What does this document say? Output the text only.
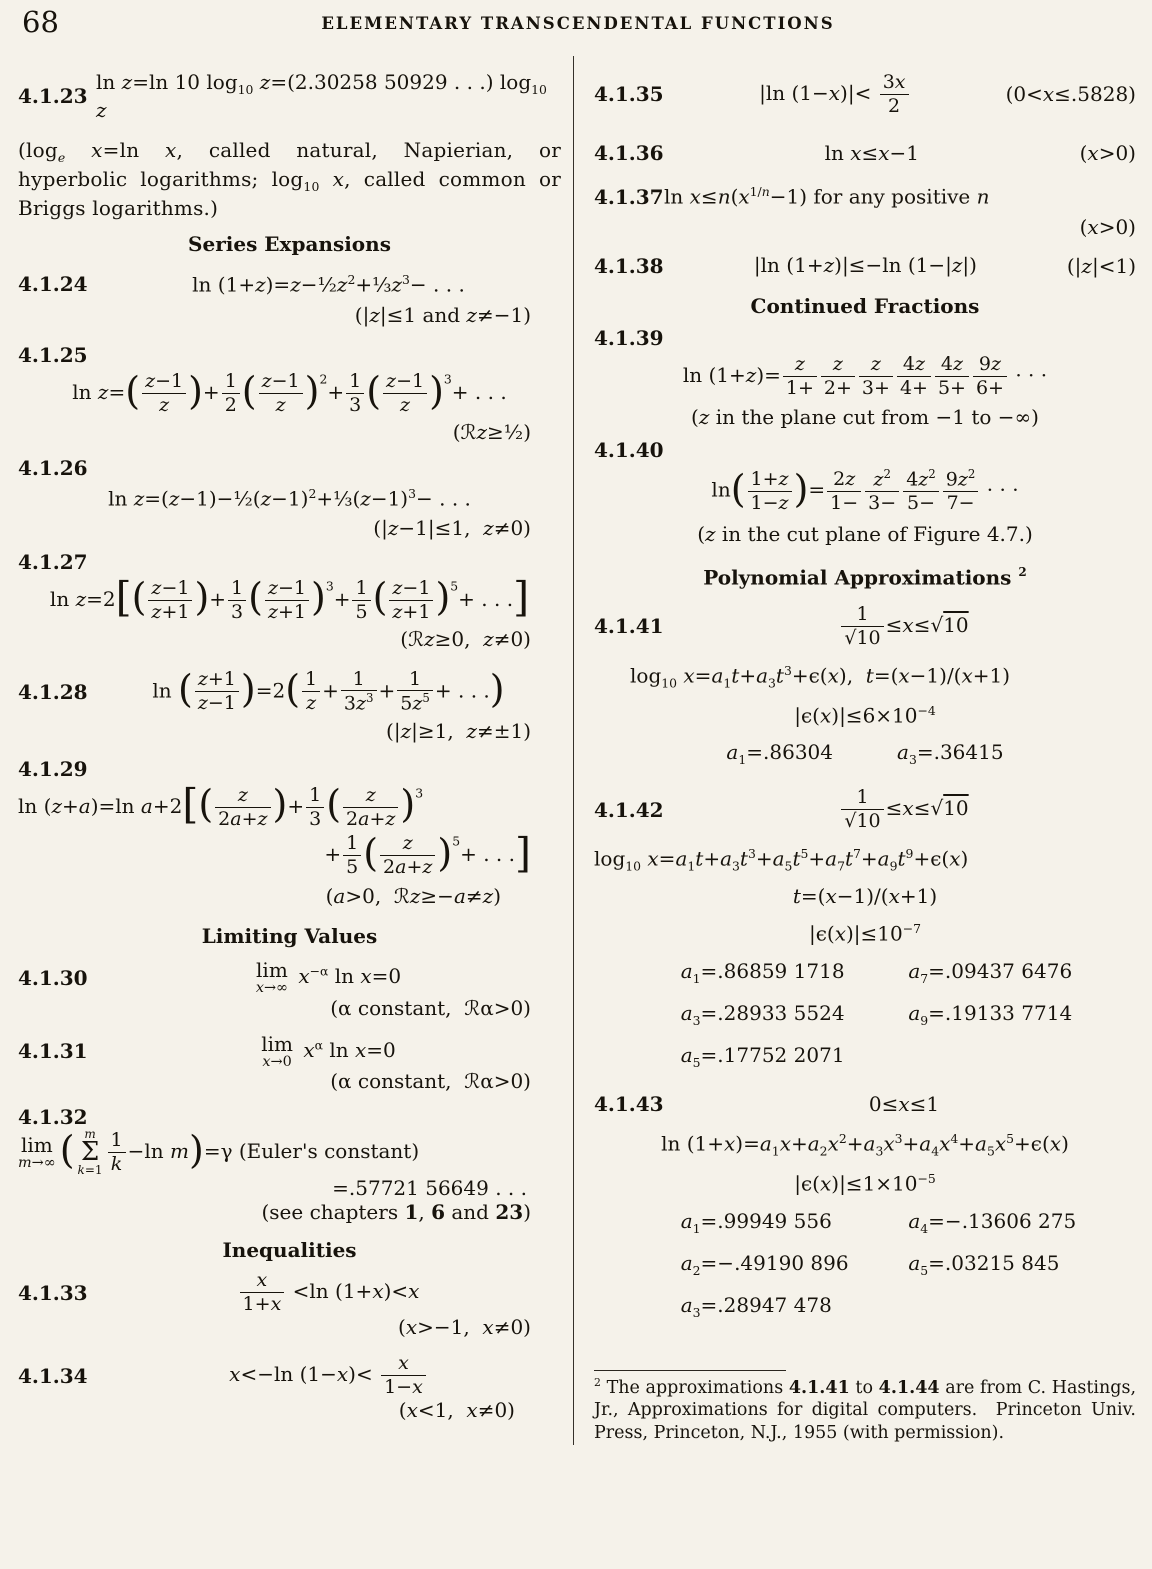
68	ELEMENTARY TRANSCENDENTAL FUNCTIONS
4.1.23
ln z=ln 10 $\log_{10} z=(2.30258$ 50929 . . .) $\log_{10} z$
($\log_e$ x=ln x, called natural, Napierian, or hyperbolic logarithms; $\log_{10} x$, called common or Briggs logarithms.)
Series Expansions
4.1.24	$\ln (1+z)=z-\frac{1}{2}z^2+\frac{1}{3}z^3-$ . . .
(|z|≤1 and z≠−1)
4.1.25
$\ln z=( \frac{z-1}{z}$ )+ $\frac{1}{2}$ ( $\frac{z-1}{z} )^2+ \frac{1}{3}$ ( $\frac{z-1}{z} )^3+$ . . .
(ℛz≥½)
4.1.26
$\ln z=(z-1)-\frac{1}{2}(z-1)^2+\frac{1}{3}(z-1)^3-$ . . .
(|z−1|≤1,  z≠0)
4.1.27
$\ln z=2[( \frac{z-1}{z+1}$ )+ $\frac{1}{3}$ ( $\frac{z-1}{z+1} )^3+ \frac{1}{5}$ ( $\frac{z-1}{z+1} )^5+$ . . .]
(ℛz≥0,  z≠0)
4.1.28	ln ( $\frac{z+1}{z-1} )=2( \frac{1}{z} + \frac{1}{3z^3} + \frac{1}{5z^5}$ + . . .)
(|z|≥1,  z≠±1)
4.1.29
ln (z+a)=ln $a+2[( \frac{z}{2a+z}$ )+ $\frac{1}{3}$ ( $\frac{z}{2a+z} )^3$
+ $\frac{1}{5}$ ( $\frac{z}{2a+z} )^5+$ . . .]
(a>0,  ℛz≥−a≠z)
Limiting Values
4.1.30	lim
x→∞ $x^{-\alpha}$ ln x=0
(α constant,  ℛα>0)
4.1.31	lim
x→0 $x^\alpha$ ln x=0
(α constant,  ℛα>0)
4.1.32
lim
m→∞ ( m
Σ
$k=1 \frac{1}{k} -\ln$ m)=γ (Euler's constant)
=.57721 56649 . . .
(see chapters 1, 6 and 23)
Inequalities
4.1.33	$\frac{x}{1+x} <\ln$ (1+x)<x
(x>−1,  x≠0)
4.1.34	x<−ln $(1-x)< \frac{x}{1-x}$
(x<1,  x≠0)
4.1.35	|ln $(1-x)|< \frac{3x}{2}$	(0<x≤.5828)
4.1.36	ln x≤x−1	(x>0)
4.1.37 $\ln x\le n(x^{1/n}-1)$ for any positive n
(x>0)
4.1.38	|ln (1+z)|≤−ln (1−|z|)	(|z|<1)
Continued Fractions
4.1.39
$\ln (1+z)= \frac{z}{1+} \frac{z}{2+} \frac{z}{3+} \frac{4z}{4+} \frac{4z}{5+} \frac{9z}{6+}$ · · ·
(z in the plane cut from −1 to −∞)
4.1.40
$\ln( \frac{1+z}{1-z}$ )= $\frac{2z}{1-} \frac{z^2}{3-} \frac{4z^2}{5-} \frac{9z^2}{7-}$ · · ·
(z in the cut plane of Figure 4.7.)
Polynomial Approximations $^2$
4.1.41	$\frac{1}{√10} \le x\le√10$
$\log_{10} x=a_1t+a_3t^3+\epsilon(x)$,  t=(x−1)/(x+1)
$|\epsilon(x)|\le 6\times 10^{-4}$
$a_1=.86304$	$a_3=.36415$
4.1.42	$\frac{1}{√10} \le x\le√10$
$\log_{10} x=a_1t+a_3t^3+a_5t^5+a_7t^7+a_9t^9+\epsilon(x)$
t=(x−1)/(x+1)
$|\epsilon(x)|\le 10^{-7}$
$a_1=.86859$ 1718	$a_7=.09437$ 6476
$a_3=.28933$ 5524	$a_9=.19133$ 7714
$a_5=.17752$ 2071
4.1.43	0≤x≤1
$\ln (1+x)=a_1x+a_2x^2+a_3x^3+a_4x^4+a_5x^5+\epsilon(x)$
$|\epsilon(x)|\le 1\times 10^{-5}$
$a_1=.99949$ 556	$a_4=-.13606$ 275
$a_2=-.49190$ 896	$a_5=.03215$ 845
$a_3=.28947$ 478
$^2$ The approximations 4.1.41 to 4.1.44 are from C. Hastings, Jr., Approximations for digital computers.  Princeton Univ. Press, Princeton, N.J., 1955 (with permission).
